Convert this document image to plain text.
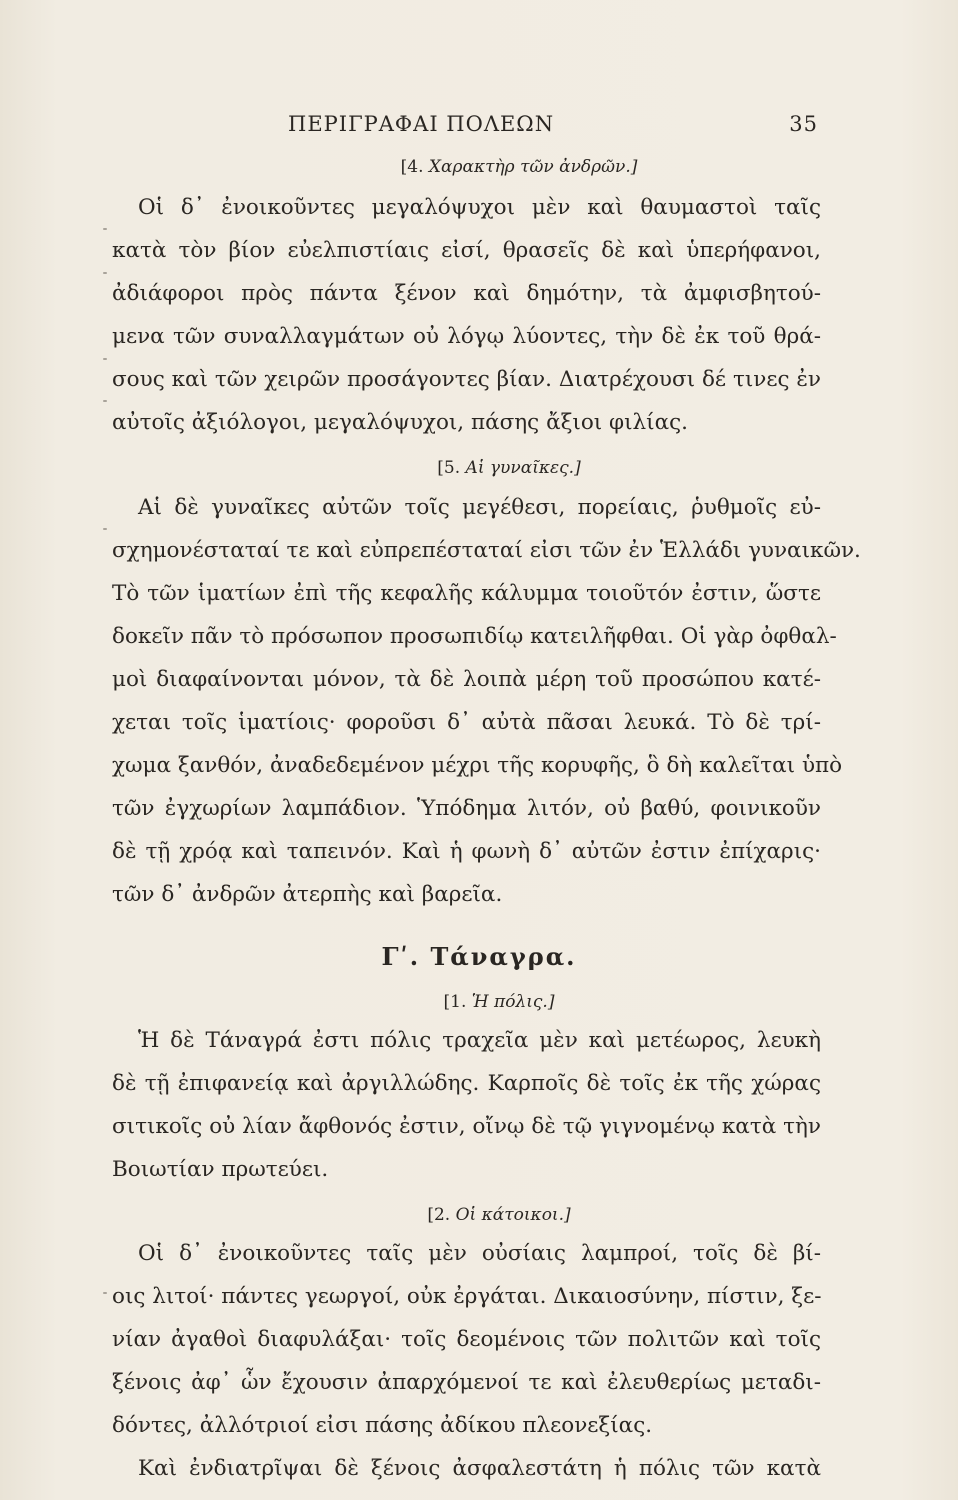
ΠΕΡΙΓΡΑΦΑΙ ΠΟΛΕΩΝ	35
[4. Χαρακτὴρ τῶν ἀνδρῶν.]
Οἱ δ᾽ ἐνοικοῦντες μεγαλόψυχοι μὲν καὶ θαυμαστοὶ ταῖς
κατὰ τὸν βίον εὐελπιστίαις εἰσί, θρασεῖς δὲ καὶ ὑπερήφανοι,
ἀδιάφοροι πρὸς πάντα ξένον καὶ δημότην, τὰ ἀμφισβητού-
μενα τῶν συναλλαγμάτων οὐ λόγῳ λύοντες, τὴν δὲ ἐκ τοῦ θρά-
σους καὶ τῶν χειρῶν προσάγοντες βίαν. Διατρέχουσι δέ τινες ἐν
αὐτοῖς ἀξιόλογοι, μεγαλόψυχοι, πάσης ἄξιοι φιλίας.
[5. Αἱ γυναῖκες.]
Αἱ δὲ γυναῖκες αὐτῶν τοῖς μεγέθεσι, πορείαις, ῥυθμοῖς εὐ-
σχημονέσταταί τε καὶ εὐπρεπέσταταί εἰσι τῶν ἐν Ἑλλάδι γυναικῶν.
Τὸ τῶν ἱματίων ἐπὶ τῆς κεφαλῆς κάλυμμα τοιοῦτόν ἐστιν, ὥστε
δοκεῖν πᾶν τὸ πρόσωπον προσωπιδίῳ κατειλῆφθαι. Οἱ γὰρ ὀφθαλ-
μοὶ διαφαίνονται μόνον, τὰ δὲ λοιπὰ μέρη τοῦ προσώπου κατέ-
χεται τοῖς ἱματίοις· φοροῦσι δ᾽ αὐτὰ πᾶσαι λευκά. Τὸ δὲ τρί-
χωμα ξανθόν, ἀναδεδεμένον μέχρι τῆς κορυφῆς, ὃ δὴ καλεῖται ὑπὸ
τῶν ἐγχωρίων λαμπάδιον. Ὑπόδημα λιτόν, οὐ βαθύ, φοινικοῦν
δὲ τῇ χρόᾳ καὶ ταπεινόν. Καὶ ἡ φωνὴ δ᾽ αὐτῶν ἐστιν ἐπίχαρις·
τῶν δ᾽ ἀνδρῶν ἀτερπὴς καὶ βαρεῖα.
Γʹ. Τάναγρα.
[1. Ἡ πόλις.]
Ἡ δὲ Τάναγρά ἐστι πόλις τραχεῖα μὲν καὶ μετέωρος, λευκὴ
δὲ τῇ ἐπιφανείᾳ καὶ ἀργιλλώδης. Καρποῖς δὲ τοῖς ἐκ τῆς χώρας
σιτικοῖς οὐ λίαν ἄφθονός ἐστιν, οἴνῳ δὲ τῷ γιγνομένῳ κατὰ τὴν
Βοιωτίαν πρωτεύει.
[2. Οἱ κάτοικοι.]
Οἱ δ᾽ ἐνοικοῦντες ταῖς μὲν οὐσίαις λαμπροί, τοῖς δὲ βί-
οις λιτοί· πάντες γεωργοί, οὐκ ἐργάται. Δικαιοσύνην, πίστιν, ξε-
νίαν ἀγαθοὶ διαφυλάξαι· τοῖς δεομένοις τῶν πολιτῶν καὶ τοῖς
ξένοις ἀφ᾽ ὧν ἔχουσιν ἀπαρχόμενοί τε καὶ ἐλευθερίως μεταδι-
δόντες, ἀλλότριοί εἰσι πάσης ἀδίκου πλεονεξίας.
Καὶ ἐνδιατρῖψαι δὲ ξένοις ἀσφαλεστάτη ἡ πόλις τῶν κατὰ
